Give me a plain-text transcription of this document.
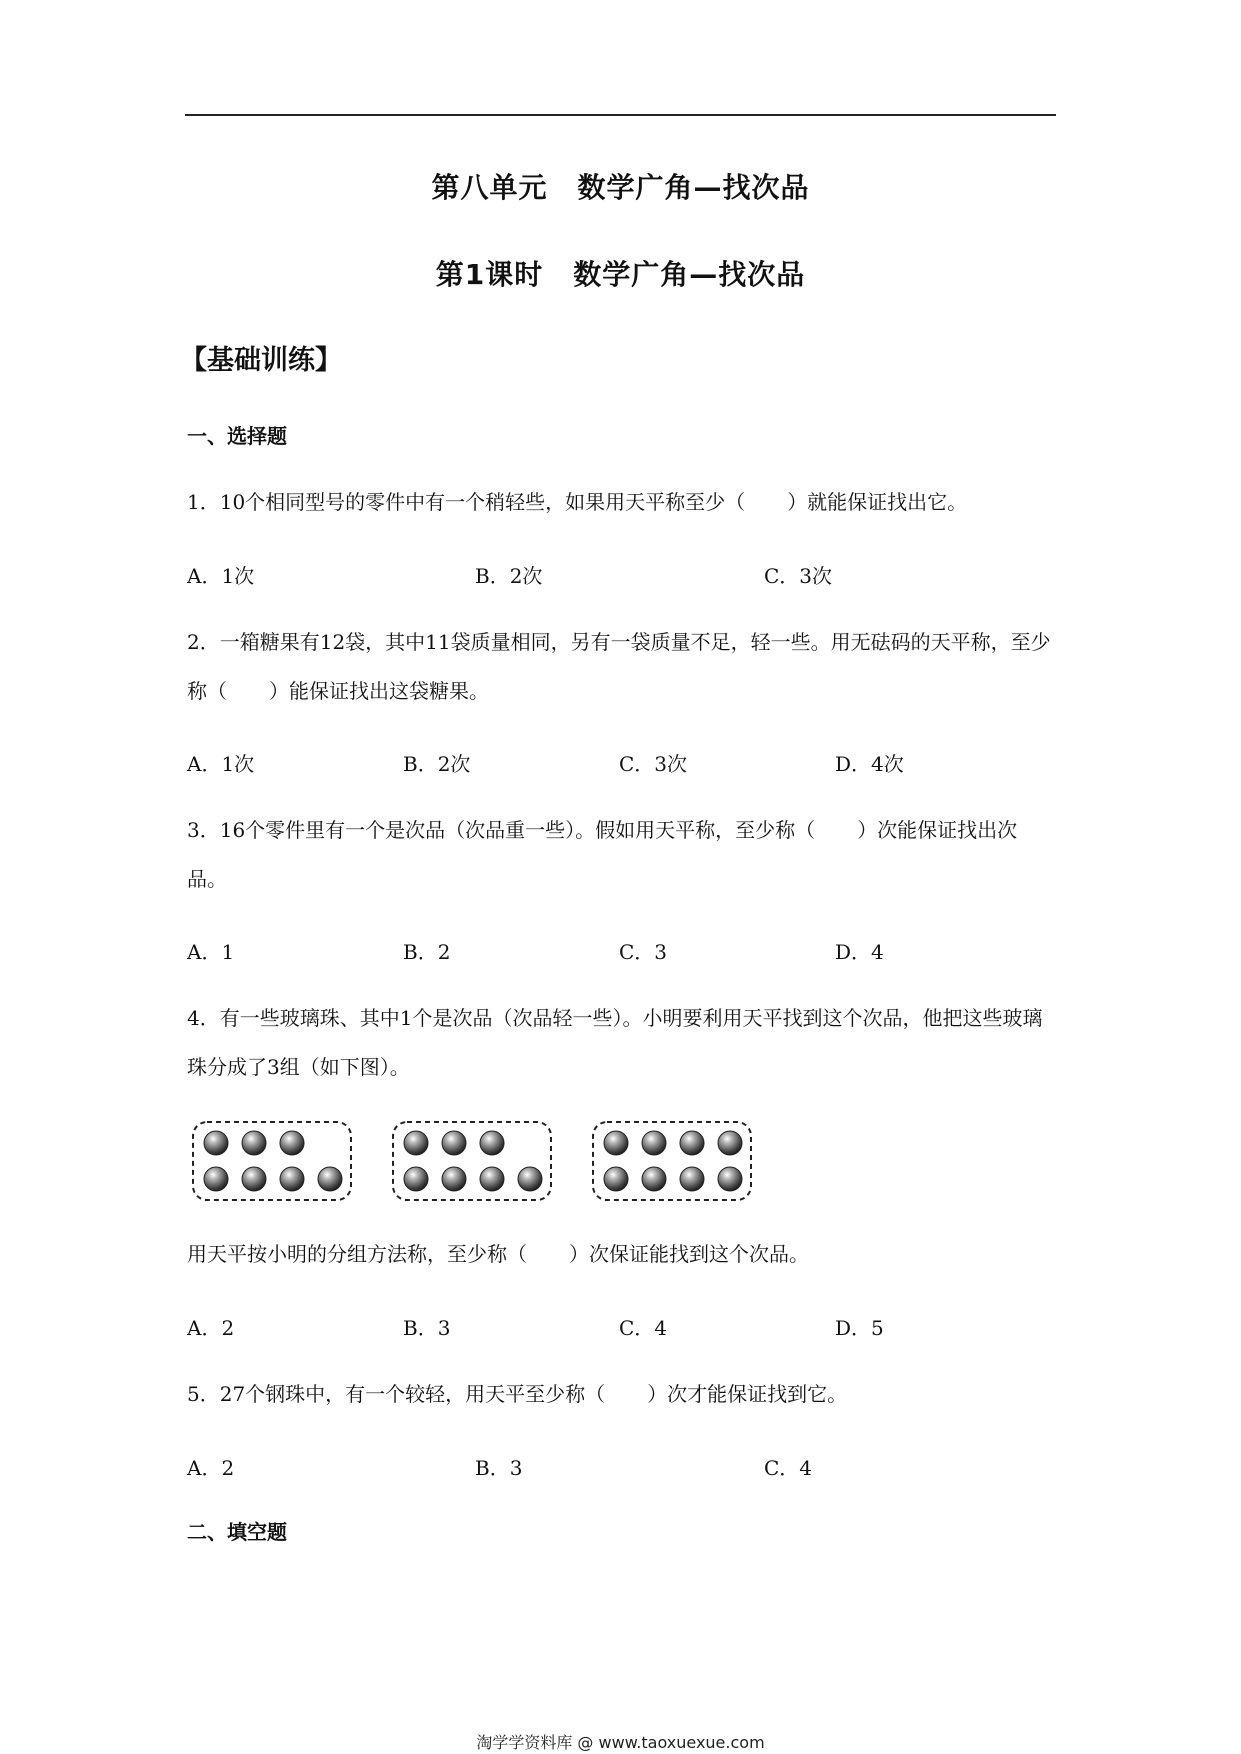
第八单元 数学广角—找次品
第1课时 数学广角—找次品
【基础训练】
一、选择题
1．10个相同型号的零件中有一个稍轻些，如果用天平称至少（ ）就能保证找出它。
A．1次	B．2次	C．3次
2．一箱糖果有12袋，其中11袋质量相同，另有一袋质量不足，轻一些。用无砝码的天平称，至少称（ ）能保证找出这袋糖果。
A．1次	B．2次	C．3次	D．4次
3．16个零件里有一个是次品（次品重一些）。假如用天平称，至少称（ ）次能保证找出次品。
A．1	B．2	C．3	D．4
4．有一些玻璃珠、其中1个是次品（次品轻一些）。小明要利用天平找到这个次品，他把这些玻璃珠分成了3组（如下图）。
用天平按小明的分组方法称，至少称（ ）次保证能找到这个次品。
A．2	B．3	C．4	D．5
5．27个钢珠中，有一个较轻，用天平至少称（ ）次才能保证找到它。
A．2	B．3	C．4
二、填空题
淘学学资料库 @ www.taoxuexue.com
